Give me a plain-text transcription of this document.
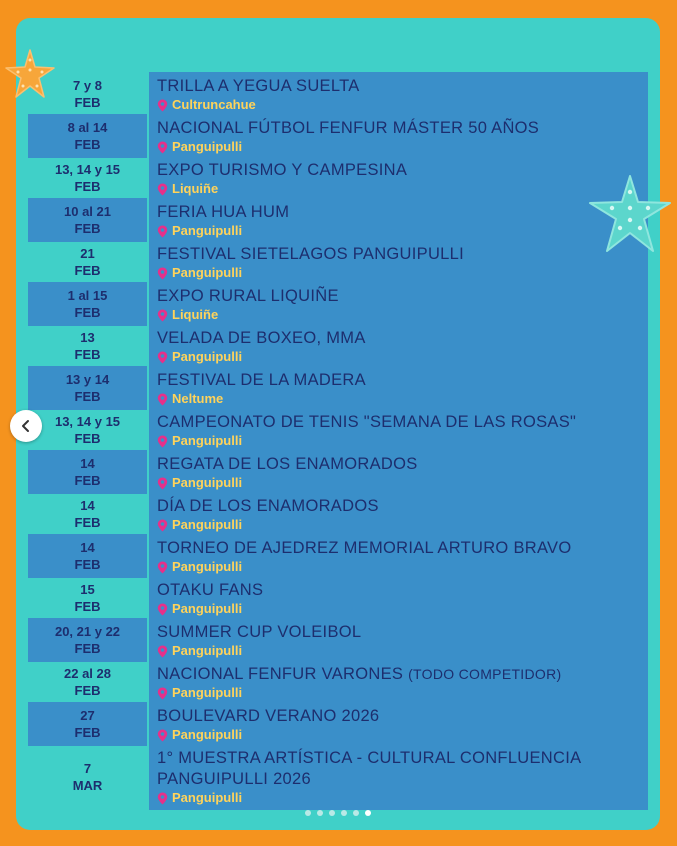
7 y 8
FEB
TRILLA A YEGUA SUELTA
Cultruncahue
8 al 14
FEB
NACIONAL FÚTBOL FENFUR MÁSTER 50 AÑOS
Panguipulli
13, 14 y 15
FEB
EXPO TURISMO Y CAMPESINA
Liquiñe
10 al 21
FEB
FERIA HUA HUM
Panguipulli
21
FEB
FESTIVAL SIETELAGOS PANGUIPULLI
Panguipulli
1 al 15
FEB
EXPO RURAL LIQUIÑE
Liquiñe
13
FEB
VELADA DE BOXEO, MMA
Panguipulli
13 y 14
FEB
FESTIVAL DE LA MADERA
Neltume
13, 14 y 15
FEB
CAMPEONATO DE TENIS "SEMANA DE LAS ROSAS"
Panguipulli
14
FEB
REGATA DE LOS ENAMORADOS
Panguipulli
14
FEB
DÍA DE LOS ENAMORADOS
Panguipulli
14
FEB
TORNEO DE AJEDREZ MEMORIAL ARTURO BRAVO
Panguipulli
15
FEB
OTAKU FANS
Panguipulli
20, 21 y 22
FEB
SUMMER CUP VOLEIBOL
Panguipulli
22 al 28
FEB
NACIONAL FENFUR VARONES (TODO COMPETIDOR)
Panguipulli
27
FEB
BOULEVARD VERANO 2026
Panguipulli
7
MAR
1° MUESTRA ARTÍSTICA - CULTURAL CONFLUENCIA
PANGUIPULLI 2026
Panguipulli
